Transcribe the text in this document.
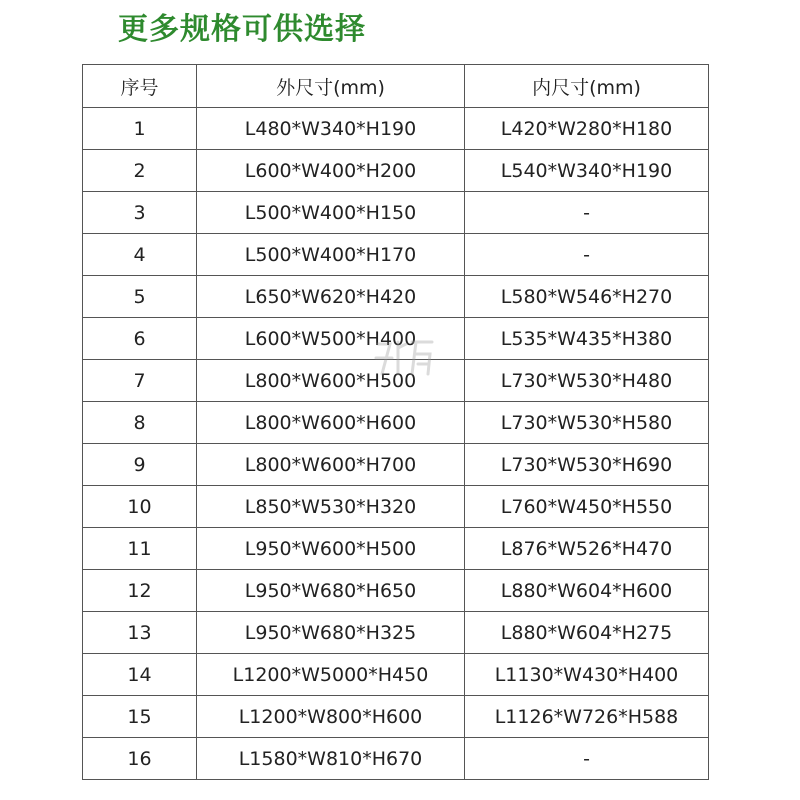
更多规格可供选择
序号	外尺寸(mm)	内尺寸(mm)
1	L480*W340*H190	L420*W280*H180
2	L600*W400*H200	L540*W340*H190
3	L500*W400*H150	-
4	L500*W400*H170	-
5	L650*W620*H420	L580*W546*H270
6	L600*W500*H400	L535*W435*H380
7	L800*W600*H500	L730*W530*H480
8	L800*W600*H600	L730*W530*H580
9	L800*W600*H700	L730*W530*H690
10	L850*W530*H320	L760*W450*H550
11	L950*W600*H500	L876*W526*H470
12	L950*W680*H650	L880*W604*H600
13	L950*W680*H325	L880*W604*H275
14	L1200*W5000*H450	L1130*W430*H400
15	L1200*W800*H600	L1126*W726*H588
16	L1580*W810*H670	-
